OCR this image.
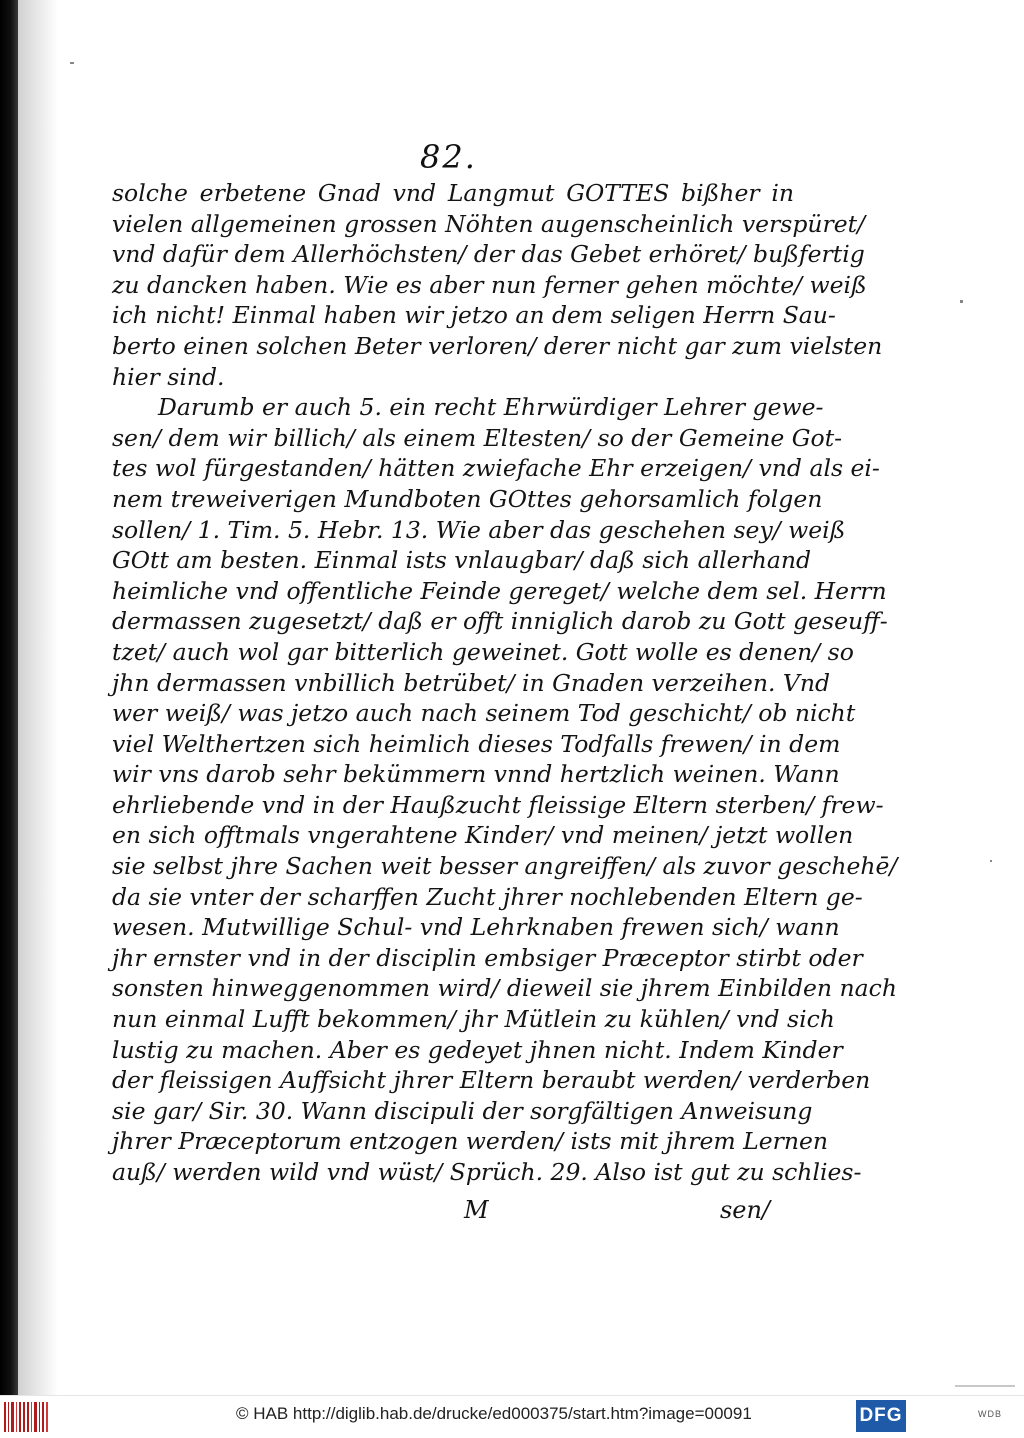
82.
solche erbetene Gnad vnd Langmut GOTTES bißher in
vielen allgemeinen grossen Nöhten augenscheinlich verspüret/
vnd dafür dem Allerhöchsten/ der das Gebet erhöret/ bußfertig
zu dancken haben. Wie es aber nun ferner gehen möchte/ weiß
ich nicht! Einmal haben wir jetzo an dem seligen Herrn Sau-
berto einen solchen Beter verloren/ derer nicht gar zum vielsten
hier sind.
Darumb er auch 5. ein recht Ehrwürdiger Lehrer gewe-
sen/ dem wir billich/ als einem Eltesten/ so der Gemeine Got-
tes wol fürgestanden/ hätten zwiefache Ehr erzeigen/ vnd als ei-
nem treweiverigen Mundboten GOttes gehorsamlich folgen
sollen/ 1. Tim. 5. Hebr. 13. Wie aber das geschehen sey/ weiß
GOtt am besten. Einmal ists vnlaugbar/ daß sich allerhand
heimliche vnd offentliche Feinde gereget/ welche dem sel. Herrn
dermassen zugesetzt/ daß er offt inniglich darob zu Gott geseuff-
tzet/ auch wol gar bitterlich geweinet. Gott wolle es denen/ so
jhn dermassen vnbillich betrübet/ in Gnaden verzeihen. Vnd
wer weiß/ was jetzo auch nach seinem Tod geschicht/ ob nicht
viel Welthertzen sich heimlich dieses Todfalls frewen/ in dem
wir vns darob sehr bekümmern vnnd hertzlich weinen. Wann
ehrliebende vnd in der Haußzucht fleissige Eltern sterben/ frew-
en sich offtmals vngerahtene Kinder/ vnd meinen/ jetzt wollen
sie selbst jhre Sachen weit besser angreiffen/ als zuvor geschehē/
da sie vnter der scharffen Zucht jhrer nochlebenden Eltern ge-
wesen. Mutwillige Schul- vnd Lehrknaben frewen sich/ wann
jhr ernster vnd in der disciplin embsiger Præceptor stirbt oder
sonsten hinweggenommen wird/ dieweil sie jhrem Einbilden nach
nun einmal Lufft bekommen/ jhr Mütlein zu kühlen/ vnd sich
lustig zu machen. Aber es gedeyet jhnen nicht. Indem Kinder
der fleissigen Auffsicht jhrer Eltern beraubt werden/ verderben
sie gar/ Sir. 30. Wann discipuli der sorgfältigen Anweisung
jhrer Præceptorum entzogen werden/ ists mit jhrem Lernen
auß/ werden wild vnd wüst/ Sprüch. 29. Also ist gut zu schlies-
M	sen/
© HAB http://diglib.hab.de/drucke/ed000375/start.htm?image=00091	DFG	WDB
